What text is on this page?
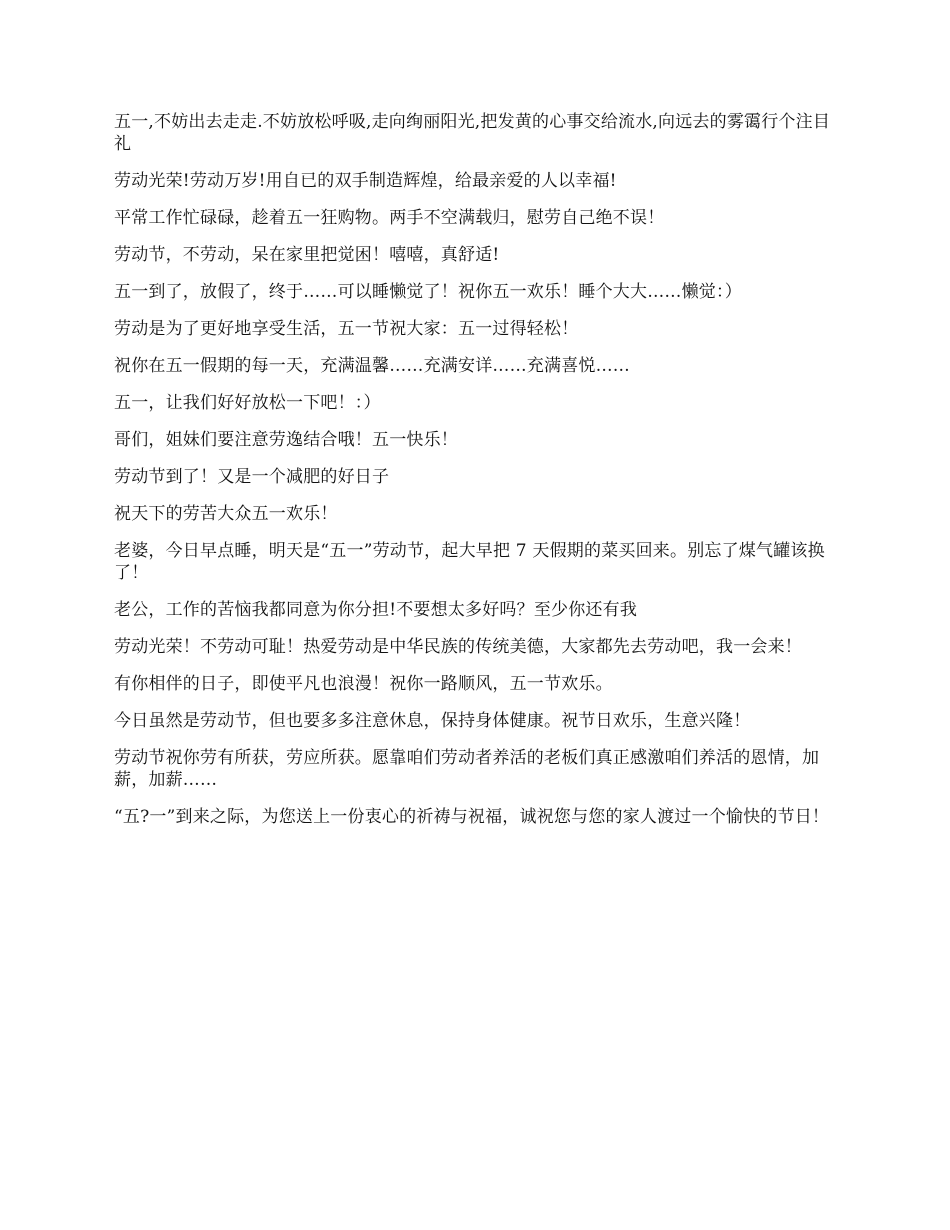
五一,不妨出去走走.不妨放松呼吸,走向绚丽阳光,把发黄的心事交给流水,向远去的雾霭行个注目礼

劳动光荣!劳动万岁!用自已的双手制造辉煌，给最亲爱的人以幸福!

平常工作忙碌碌，趁着五一狂购物。两手不空满载归，慰劳自己绝不误！

劳动节，不劳动，呆在家里把觉困！嘻嘻，真舒适!

五一到了，放假了，终于……可以睡懒觉了！祝你五一欢乐！睡个大大……懒觉：）

劳动是为了更好地享受生活，五一节祝大家：五一过得轻松！

祝你在五一假期的每一天，充满温馨……充满安详……充满喜悦……

五一，让我们好好放松一下吧！：）

哥们，姐妹们要注意劳逸结合哦！五一快乐！

劳动节到了！又是一个减肥的好日子

祝天下的劳苦大众五一欢乐！

老婆，今日早点睡，明天是“五一”劳动节，起大早把 7 天假期的菜买回来。别忘了煤气罐该换了！

老公，工作的苦恼我都同意为你分担!不要想太多好吗？至少你还有我

劳动光荣！不劳动可耻！热爱劳动是中华民族的传统美德，大家都先去劳动吧，我一会来！

有你相伴的日子，即使平凡也浪漫！祝你一路顺风，五一节欢乐。

今日虽然是劳动节，但也要多多注意休息，保持身体健康。祝节日欢乐，生意兴隆！

劳动节祝你劳有所获，劳应所获。愿靠咱们劳动者养活的老板们真正感激咱们养活的恩情，加薪，加薪……

“五?一”到来之际，为您送上一份衷心的祈祷与祝福，诚祝您与您的家人渡过一个愉快的节日！
